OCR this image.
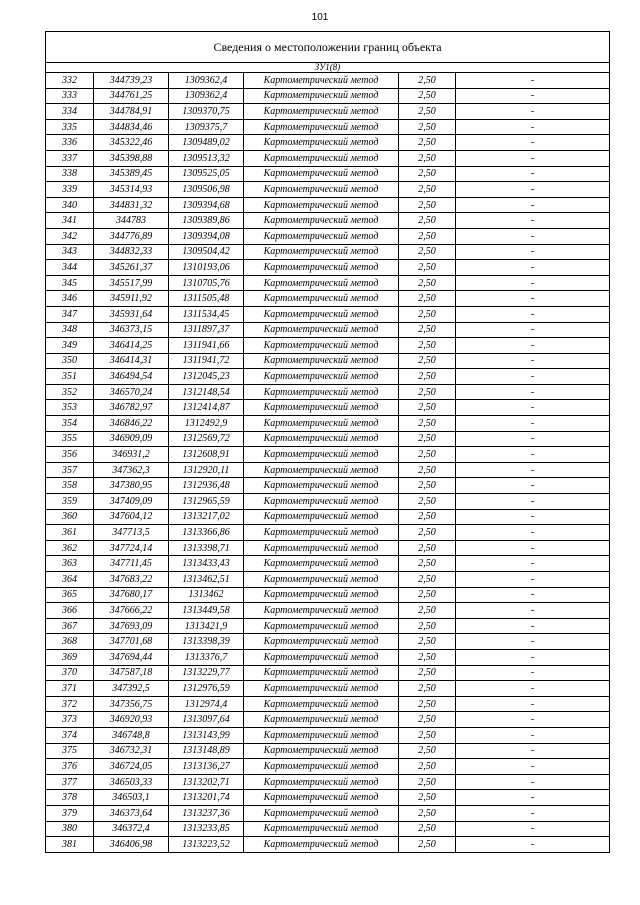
101
Сведения о местоположении границ объекта					
ЗУ1(8)					
332	344739,23	1309362,4	Картометрический метод	2,50	-
333	344761,25	1309362,4	Картометрический метод	2,50	-
334	344784,91	1309370,75	Картометрический метод	2,50	-
335	344834,46	1309375,7	Картометрический метод	2,50	-
336	345322,46	1309489,02	Картометрический метод	2,50	-
337	345398,88	1309513,32	Картометрический метод	2,50	-
338	345389,45	1309525,05	Картометрический метод	2,50	-
339	345314,93	1309506,98	Картометрический метод	2,50	-
340	344831,32	1309394,68	Картометрический метод	2,50	-
341	344783	1309389,86	Картометрический метод	2,50	-
342	344776,89	1309394,08	Картометрический метод	2,50	-
343	344832,33	1309504,42	Картометрический метод	2,50	-
344	345261,37	1310193,06	Картометрический метод	2,50	-
345	345517,99	1310705,76	Картометрический метод	2,50	-
346	345911,92	1311505,48	Картометрический метод	2,50	-
347	345931,64	1311534,45	Картометрический метод	2,50	-
348	346373,15	1311897,37	Картометрический метод	2,50	-
349	346414,25	1311941,66	Картометрический метод	2,50	-
350	346414,31	1311941,72	Картометрический метод	2,50	-
351	346494,54	1312045,23	Картометрический метод	2,50	-
352	346570,24	1312148,54	Картометрический метод	2,50	-
353	346782,97	1312414,87	Картометрический метод	2,50	-
354	346846,22	1312492,9	Картометрический метод	2,50	-
355	346909,09	1312569,72	Картометрический метод	2,50	-
356	346931,2	1312608,91	Картометрический метод	2,50	-
357	347362,3	1312920,11	Картометрический метод	2,50	-
358	347380,95	1312936,48	Картометрический метод	2,50	-
359	347409,09	1312965,59	Картометрический метод	2,50	-
360	347604,12	1313217,02	Картометрический метод	2,50	-
361	347713,5	1313366,86	Картометрический метод	2,50	-
362	347724,14	1313398,71	Картометрический метод	2,50	-
363	347711,45	1313433,43	Картометрический метод	2,50	-
364	347683,22	1313462,51	Картометрический метод	2,50	-
365	347680,17	1313462	Картометрический метод	2,50	-
366	347666,22	1313449,58	Картометрический метод	2,50	-
367	347693,09	1313421,9	Картометрический метод	2,50	-
368	347701,68	1313398,39	Картометрический метод	2,50	-
369	347694,44	1313376,7	Картометрический метод	2,50	-
370	347587,18	1313229,77	Картометрический метод	2,50	-
371	347392,5	1312976,59	Картометрический метод	2,50	-
372	347356,75	1312974,4	Картометрический метод	2,50	-
373	346920,93	1313097,64	Картометрический метод	2,50	-
374	346748,8	1313143,99	Картометрический метод	2,50	-
375	346732,31	1313148,89	Картометрический метод	2,50	-
376	346724,05	1313136,27	Картометрический метод	2,50	-
377	346503,33	1313202,71	Картометрический метод	2,50	-
378	346503,1	1313201,74	Картометрический метод	2,50	-
379	346373,64	1313237,36	Картометрический метод	2,50	-
380	346372,4	1313233,85	Картометрический метод	2,50	-
381	346406,98	1313223,52	Картометрический метод	2,50	-
